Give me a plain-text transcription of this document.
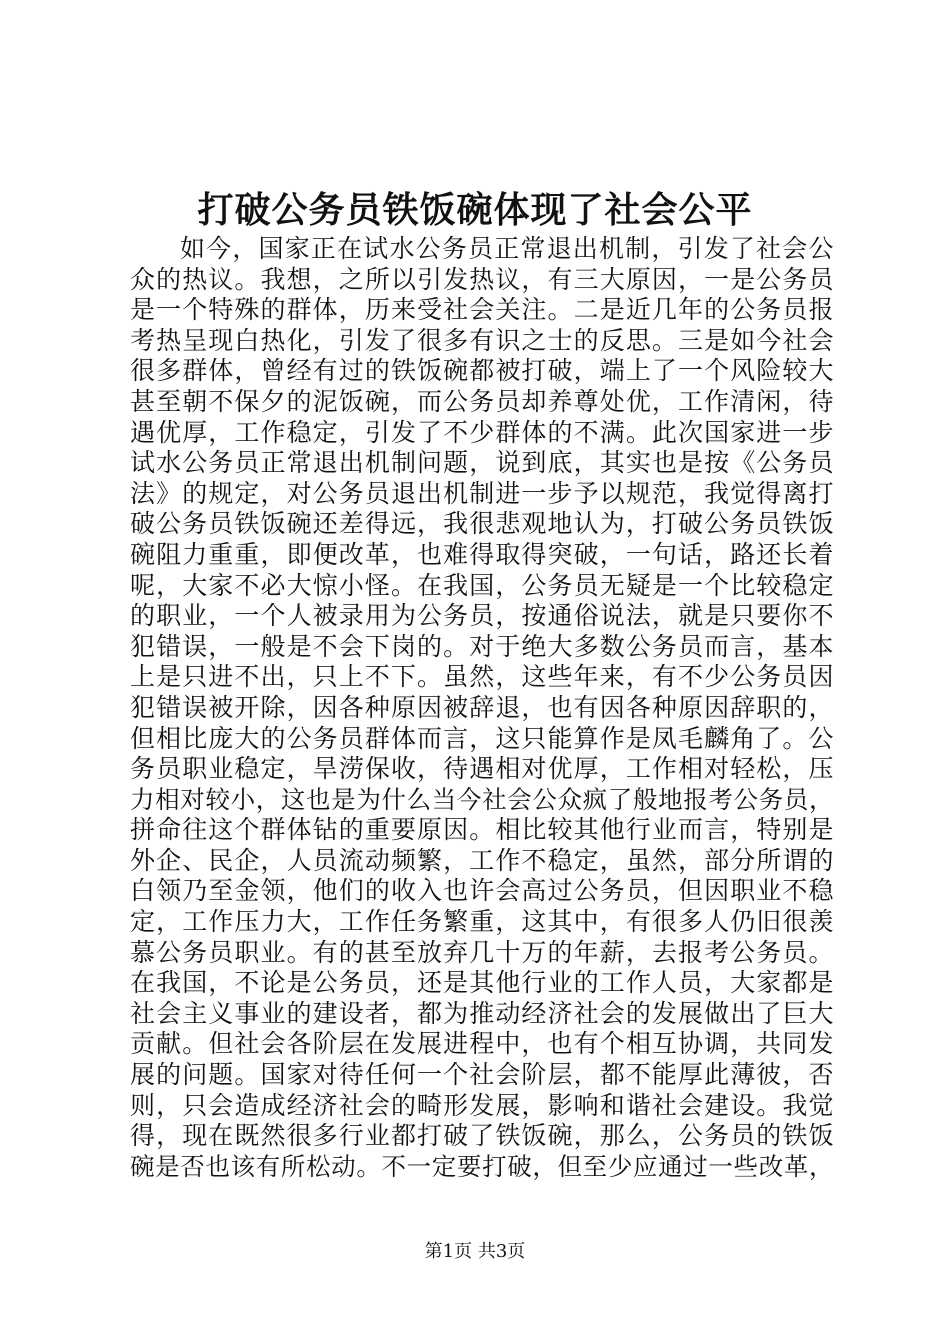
打破公务员铁饭碗体现了社会公平
如今，国家正在试水公务员正常退出机制，引发了社会公
众的热议。我想，之所以引发热议，有三大原因，一是公务员
是一个特殊的群体，历来受社会关注。二是近几年的公务员报
考热呈现白热化，引发了很多有识之士的反思。三是如今社会
很多群体，曾经有过的铁饭碗都被打破，端上了一个风险较大
甚至朝不保夕的泥饭碗，而公务员却养尊处优，工作清闲，待
遇优厚，工作稳定，引发了不少群体的不满。此次国家进一步
试水公务员正常退出机制问题，说到底，其实也是按《公务员
法》的规定，对公务员退出机制进一步予以规范，我觉得离打
破公务员铁饭碗还差得远，我很悲观地认为，打破公务员铁饭
碗阻力重重，即便改革，也难得取得突破，一句话，路还长着
呢，大家不必大惊小怪。在我国，公务员无疑是一个比较稳定
的职业，一个人被录用为公务员，按通俗说法，就是只要你不
犯错误，一般是不会下岗的。对于绝大多数公务员而言，基本
上是只进不出，只上不下。虽然，这些年来，有不少公务员因
犯错误被开除，因各种原因被辞退，也有因各种原因辞职的，
但相比庞大的公务员群体而言，这只能算作是凤毛麟角了。公
务员职业稳定，旱涝保收，待遇相对优厚，工作相对轻松，压
力相对较小，这也是为什么当今社会公众疯了般地报考公务员，
拼命往这个群体钻的重要原因。相比较其他行业而言，特别是
外企、民企，人员流动频繁，工作不稳定，虽然，部分所谓的
白领乃至金领，他们的收入也许会高过公务员，但因职业不稳
定，工作压力大，工作任务繁重，这其中，有很多人仍旧很羡
慕公务员职业。有的甚至放弃几十万的年薪，去报考公务员。
在我国，不论是公务员，还是其他行业的工作人员，大家都是
社会主义事业的建设者，都为推动经济社会的发展做出了巨大
贡献。但社会各阶层在发展进程中，也有个相互协调，共同发
展的问题。国家对待任何一个社会阶层，都不能厚此薄彼，否
则，只会造成经济社会的畸形发展，影响和谐社会建设。我觉
得，现在既然很多行业都打破了铁饭碗，那么，公务员的铁饭
碗是否也该有所松动。不一定要打破，但至少应通过一些改革，
第1页 共3页
